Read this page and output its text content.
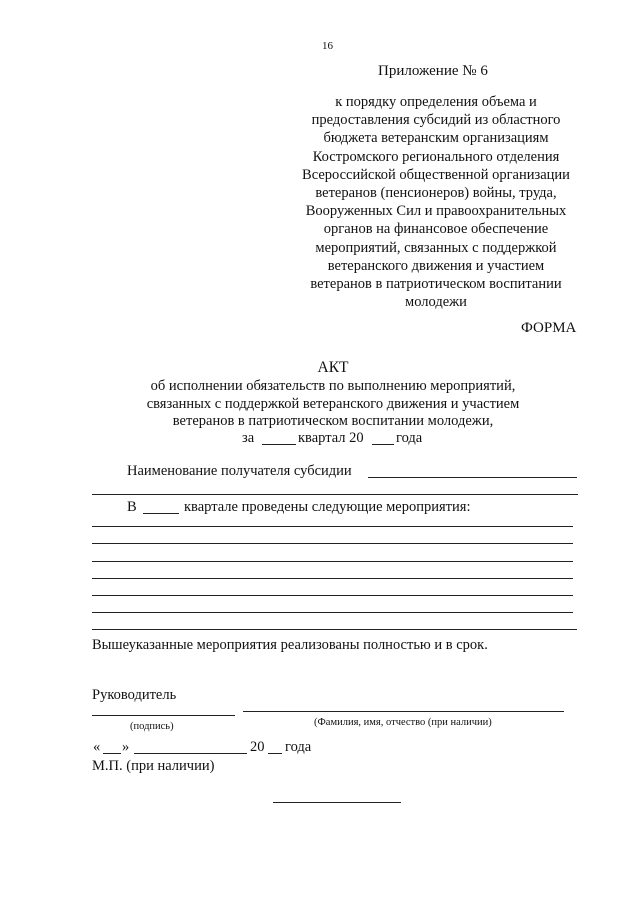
16
Приложение № 6
к порядку определения объема и
предоставления субсидий из областного
бюджета ветеранским организациям
Костромского регионального отделения
Всероссийской общественной организации
ветеранов (пенсионеров) войны, труда,
Вооруженных Сил и правоохранительных
органов на финансовое обеспечение
мероприятий, связанных с поддержкой
ветеранского движения и участием
ветеранов в патриотическом воспитании
молодежи
ФОРМА
АКТ
об исполнении обязательств по выполнению мероприятий,
связанных с поддержкой ветеранского движения и участием
ветеранов в патриотическом воспитании молодежи,
за	квартал 20 года
Наименование получателя субсидии
В	квартале проведены следующие мероприятия:
Вышеуказанные мероприятия реализованы полностью и в срок.
Руководитель
(подпись)	(Фамилия, имя, отчество (при наличии)
« »	20 года
М.П. (при наличии)
